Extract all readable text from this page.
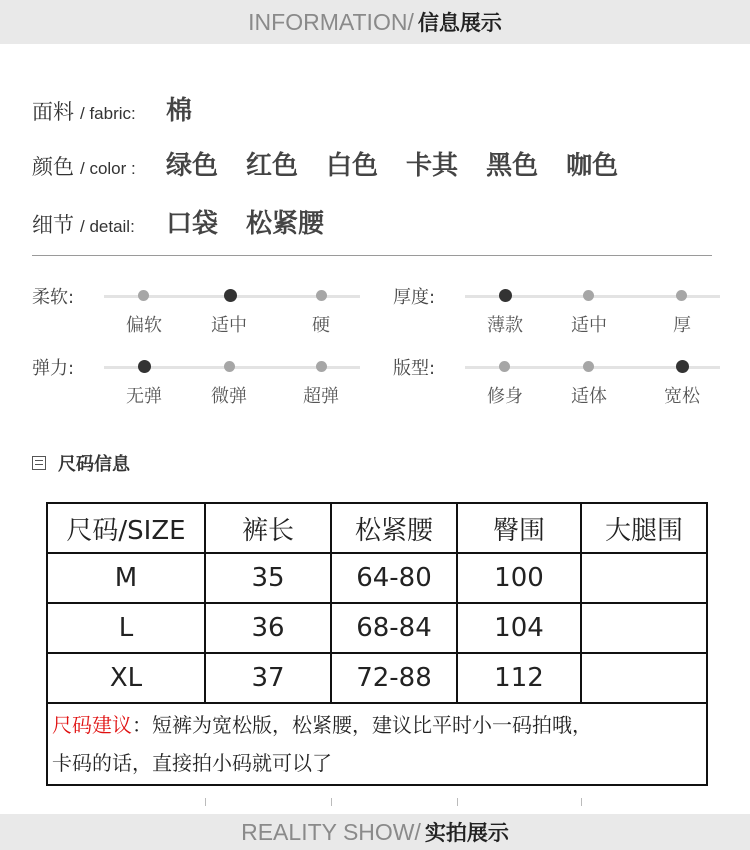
INFORMATION/ 信息展示
面料 / fabric:	棉
颜色 / color :	绿色 红色 白色 卡其 黑色 咖色
细节 / detail:	口袋 松紧腰
柔软:
偏软	适中	硬
厚度:
薄款	适中	厚
弹力:
无弹	微弹	超弹
版型:
修身	适体	宽松
尺码信息
尺码/SIZE	裤长	松紧腰	臀围	大腿围
M	35	64-80	100	
L	36	68-84	104	
XL	37	72-88	112	
尺码建议：短裤为宽松版，松紧腰，建议比平时小一码拍哦，
卡码的话，直接拍小码就可以了				
REALITY SHOW/ 实拍展示
